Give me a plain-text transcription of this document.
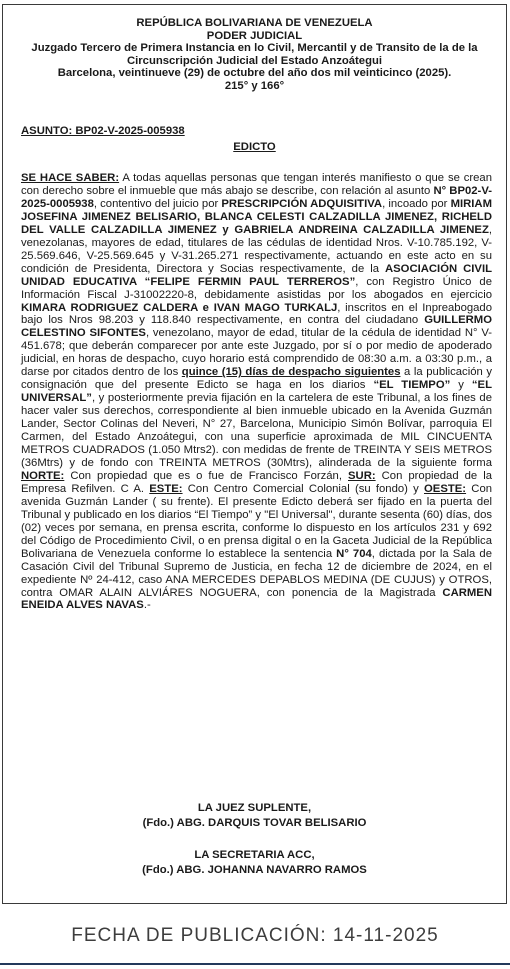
REPÚBLICA BOLIVARIANA DE VENEZUELA
PODER JUDICIAL
Juzgado Tercero de Primera Instancia en lo Civil, Mercantil y de Transito de la de la Circunscripción Judicial del Estado Anzoátegui
Barcelona, veintinueve (29) de octubre del año dos mil veinticinco (2025).
215° y 166°
ASUNTO: BP02-V-2025-005938
EDICTO
SE HACE SABER: A todas aquellas personas que tengan interés manifiesto o que se crean con derecho sobre el inmueble que más abajo se describe, con relación al asunto N° BP02-V-2025-0005938, contentivo del juicio por PRESCRIPCIÓN ADQUISITIVA, incoado por MIRIAM JOSEFINA JIMENEZ BELISARIO, BLANCA CELESTI CALZADILLA JIMENEZ, RICHELD DEL VALLE CALZADILLA JIMENEZ y GABRIELA ANDREINA CALZADILLA JIMENEZ, venezolanas, mayores de edad, titulares de las cédulas de identidad Nros. V-10.785.192, V-25.569.646, V-25.569.645 y V-31.265.271 respectivamente, actuando en este acto en su condición de Presidenta, Directora y Socias respectivamente, de la ASOCIACIÓN CIVIL UNIDAD EDUCATIVA “FELIPE FERMIN PAUL TERREROS”, con Registro Único de Información Fiscal J-31002220-8, debidamente asistidas por los abogados en ejercicio KIMARA RODRIGUEZ CALDERA e IVAN MAGO TURKALJ, inscritos en el Inpreabogado bajo los Nros 98.203 y 118.840 respectivamente, en contra del ciudadano GUILLERMO CELESTINO SIFONTES, venezolano, mayor de edad, titular de la cédula de identidad N° V-451.678; que deberán comparecer por ante este Juzgado, por sí o por medio de apoderado judicial, en horas de despacho, cuyo horario está comprendido de 08:30 a.m. a 03:30 p.m., a darse por citados dentro de los quince (15) días de despacho siguientes a la publicación y consignación que del presente Edicto se haga en los diarios “EL TIEMPO” y “EL UNIVERSAL”, y posteriormente previa fijación en la cartelera de este Tribunal, a los fines de hacer valer sus derechos, correspondiente al bien inmueble ubicado en la Avenida Guzmán Lander, Sector Colinas del Neveri, N° 27, Barcelona, Municipio Simón Bolívar, parroquia El Carmen, del Estado Anzoátegui, con una superficie aproximada de MIL CINCUENTA METROS CUADRADOS (1.050 Mtrs2). con medidas de frente de TREINTA Y SEIS METROS (36Mtrs) y de fondo con TREINTA METROS (30Mtrs), alinderada de la siguiente forma NORTE: Con propiedad que es o fue de Francisco Forzán, SUR: Con propiedad de la Empresa Refilven. C A. ESTE: Con Centro Comercial Colonial (su fondo) y OESTE: Con avenida Guzmán Lander ( su frente). El presente Edicto deberá ser fijado en la puerta del Tribunal y publicado en los diarios “El Tiempo” y "El Universal", durante sesenta (60) días, dos (02) veces por semana, en prensa escrita, conforme lo dispuesto en los artículos 231 y 692 del Código de Procedimiento Civil, o en prensa digital o en la Gaceta Judicial de la República Bolivariana de Venezuela conforme lo establece la sentencia N° 704, dictada por la Sala de Casación Civil del Tribunal Supremo de Justicia, en fecha 12 de diciembre de 2024, en el expediente Nº 24-412, caso ANA MERCEDES DEPABLOS MEDINA (DE CUJUS) y OTROS, contra OMAR ALAIN ALVIÁRES NOGUERA, con ponencia de la Magistrada CARMEN ENEIDA ALVES NAVAS.-
LA JUEZ SUPLENTE,
(Fdo.) ABG. DARQUIS TOVAR BELISARIO
LA SECRETARIA ACC,
(Fdo.) ABG. JOHANNA NAVARRO RAMOS
FECHA DE PUBLICACIÓN: 14-11-2025
